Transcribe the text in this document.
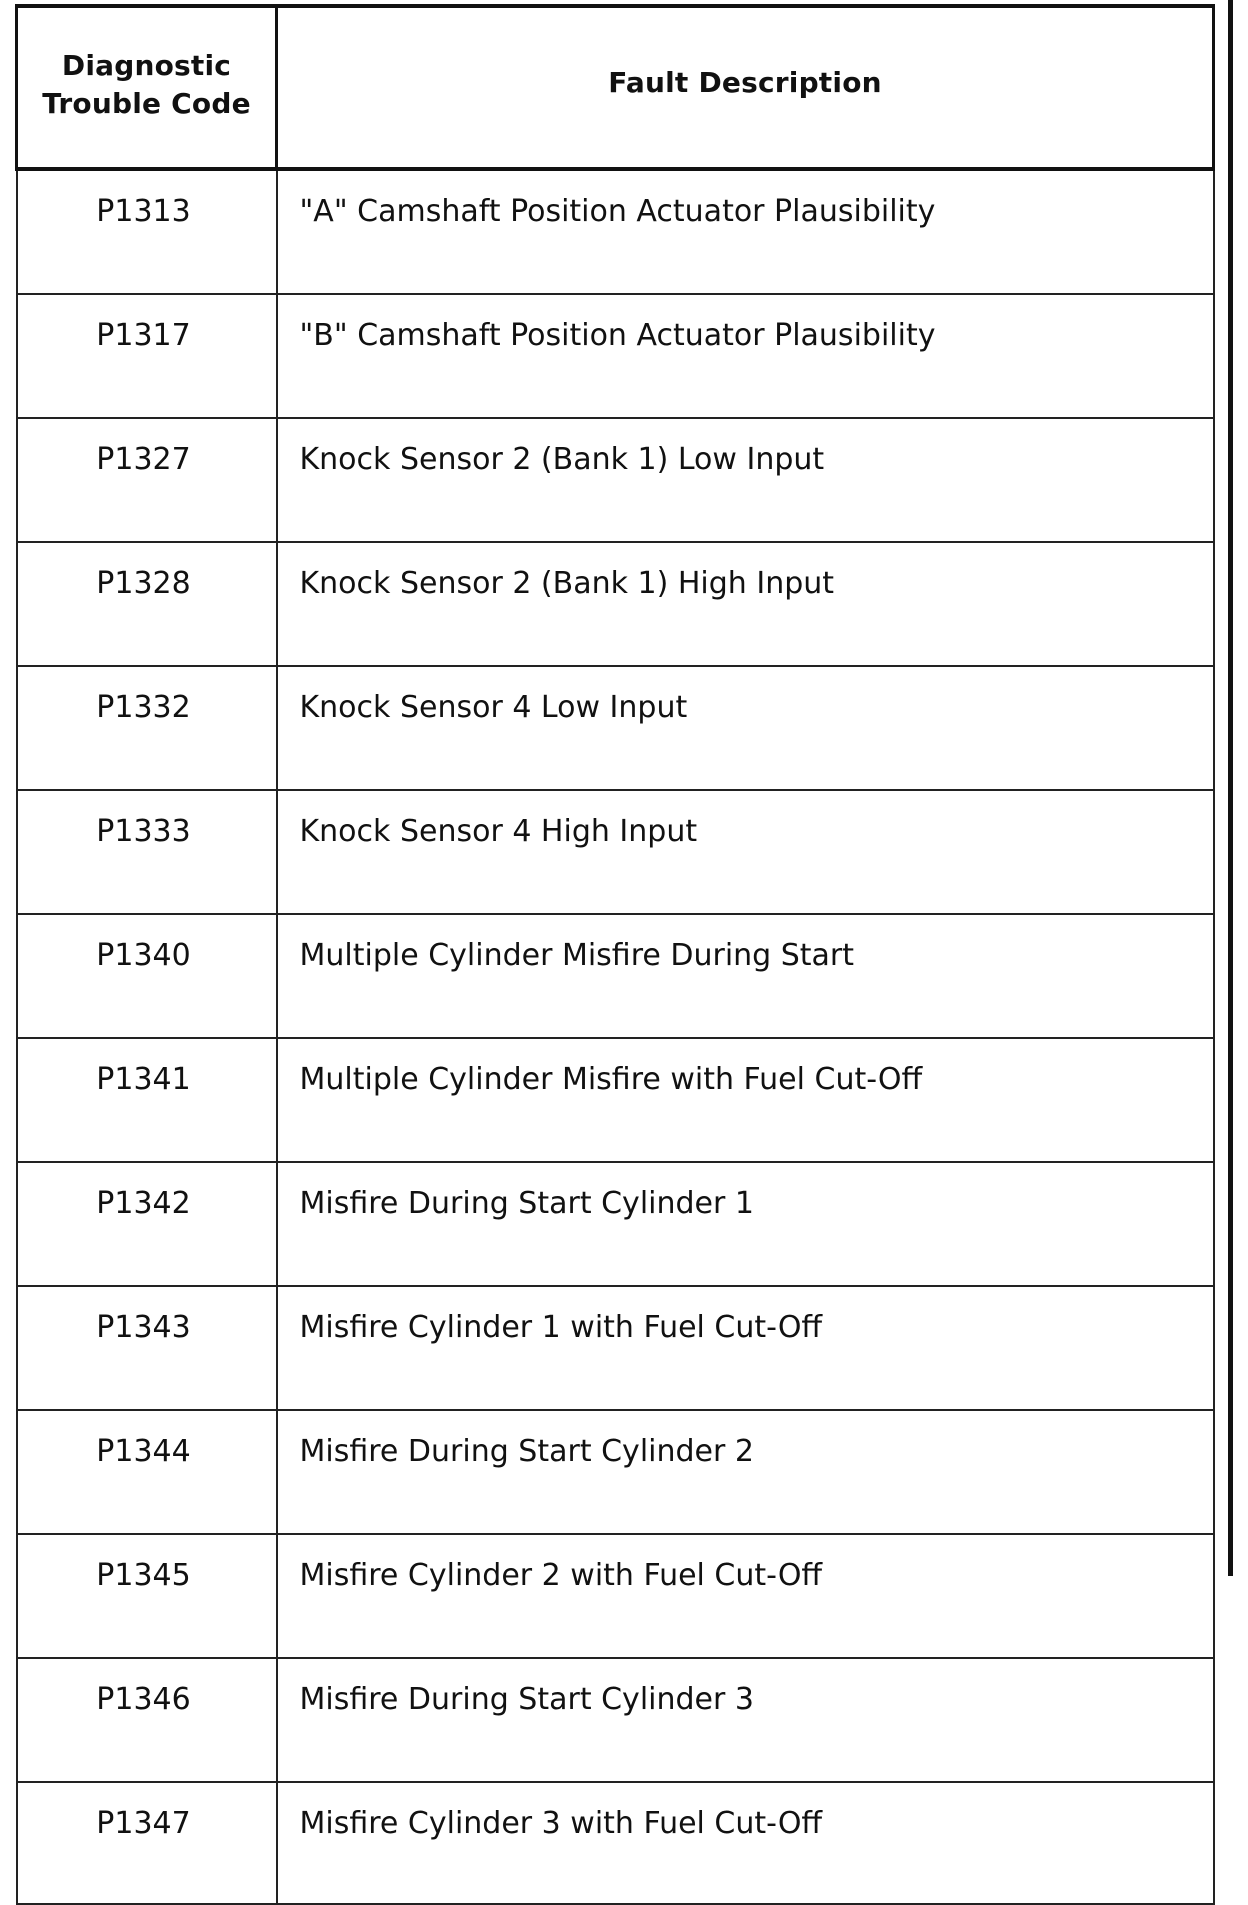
Diagnostic
Trouble Code	Fault Description
P1313	"A" Camshaft Position Actuator Plausibility
P1317	"B" Camshaft Position Actuator Plausibility
P1327	Knock Sensor 2 (Bank 1) Low Input
P1328	Knock Sensor 2 (Bank 1) High Input
P1332	Knock Sensor 4 Low Input
P1333	Knock Sensor 4 High Input
P1340	Multiple Cylinder Misfire During Start
P1341	Multiple Cylinder Misfire with Fuel Cut-Off
P1342	Misfire During Start Cylinder 1
P1343	Misfire Cylinder 1 with Fuel Cut-Off
P1344	Misfire During Start Cylinder 2
P1345	Misfire Cylinder 2 with Fuel Cut-Off
P1346	Misfire During Start Cylinder 3
P1347	Misfire Cylinder 3 with Fuel Cut-Off
